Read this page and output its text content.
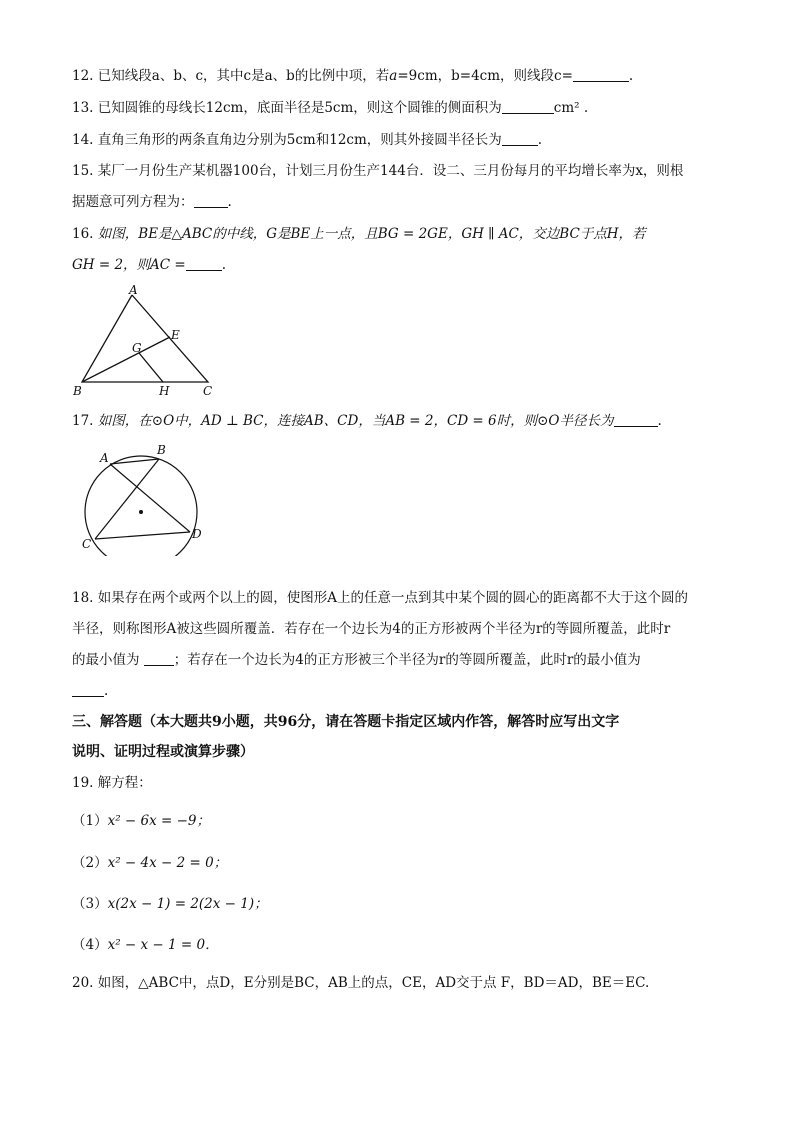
12. 已知线段a、b、c，其中c是a、b的比例中项，若a=9cm，b=4cm，则线段c=	.
13. 已知圆锥的母线长12cm，底面半径是5cm，则这个圆锥的侧面积为	cm² .
14. 直角三角形的两条直角边分别为5cm和12cm，则其外接圆半径长为	.
15. 某厂一月份生产某机器100台，计划三月份生产144台．设二、三月份每月的平均增长率为x，则根
据题意可列方程为：	.
16. 如图，BE是△ABC的中线，G是BE上一点，且BG = 2GE，GH ∥ AC，交边BC于点H，若
GH = 2，则AC =	.
A
B	C
E
G
H
17. 如图，在⊙O中，AD ⊥ BC，连接AB、CD，当AB = 2，CD = 6时，则⊙O半径长为	.
A
B
C
D
18. 如果存在两个或两个以上的圆，使图形A上的任意一点到其中某个圆的圆心的距离都不大于这个圆的
半径，则称图形A被这些圆所覆盖．若存在一个边长为4的正方形被两个半径为r的等圆所覆盖，此时r
的最小值为	；若存在一个边长为4的正方形被三个半径为r的等圆所覆盖，此时r的最小值为
.
三、解答题（本大题共9小题，共96分，请在答题卡指定区域内作答，解答时应写出文字
说明、证明过程或演算步骤）
19. 解方程：
（1）x² − 6x = −9；
（2）x² − 4x − 2 = 0；
（3）x(2x − 1) = 2(2x − 1)；
（4）x² − x − 1 = 0．
20. 如图，△ABC中，点D，E分别是BC，AB上的点，CE，AD交于点 F，BD＝AD，BE＝EC.
